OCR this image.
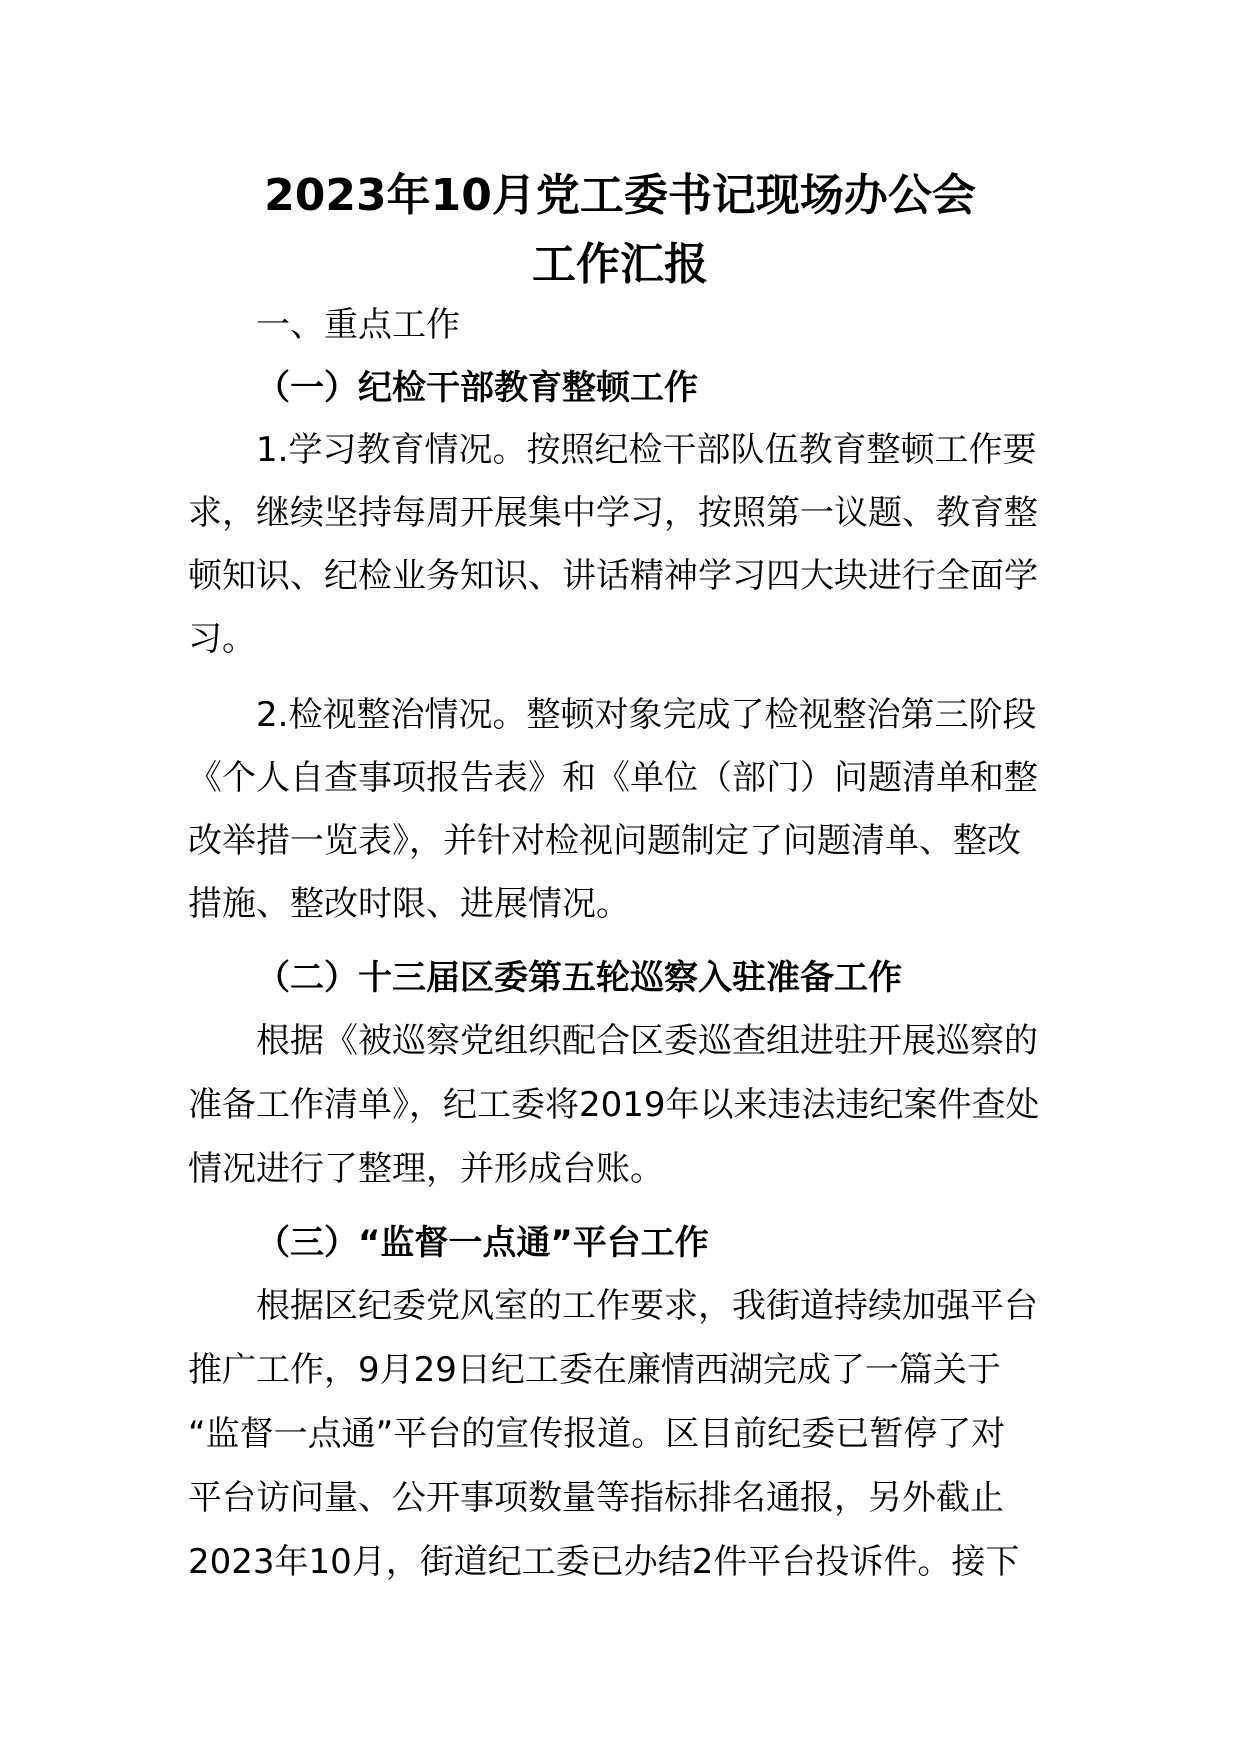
2023年10月党工委书记现场办公会
工作汇报
一、重点工作
（一）纪检干部教育整顿工作
1.学习教育情况。按照纪检干部队伍教育整顿工作要
求，继续坚持每周开展集中学习，按照第一议题、教育整
顿知识、纪检业务知识、讲话精神学习四大块进行全面学
习。
2.检视整治情况。整顿对象完成了检视整治第三阶段
《个人自查事项报告表》和《单位（部门）问题清单和整
改举措一览表》，并针对检视问题制定了问题清单、整改
措施、整改时限、进展情况。
（二）十三届区委第五轮巡察入驻准备工作
根据《被巡察党组织配合区委巡查组进驻开展巡察的
准备工作清单》，纪工委将2019年以来违法违纪案件查处
情况进行了整理，并形成台账。
（三）“监督一点通”平台工作
根据区纪委党风室的工作要求，我街道持续加强平台
推广工作，9月29日纪工委在廉情西湖完成了一篇关于
“监督一点通”平台的宣传报道。区目前纪委已暂停了对
平台访问量、公开事项数量等指标排名通报，另外截止
2023年10月，街道纪工委已办结2件平台投诉件。接下
